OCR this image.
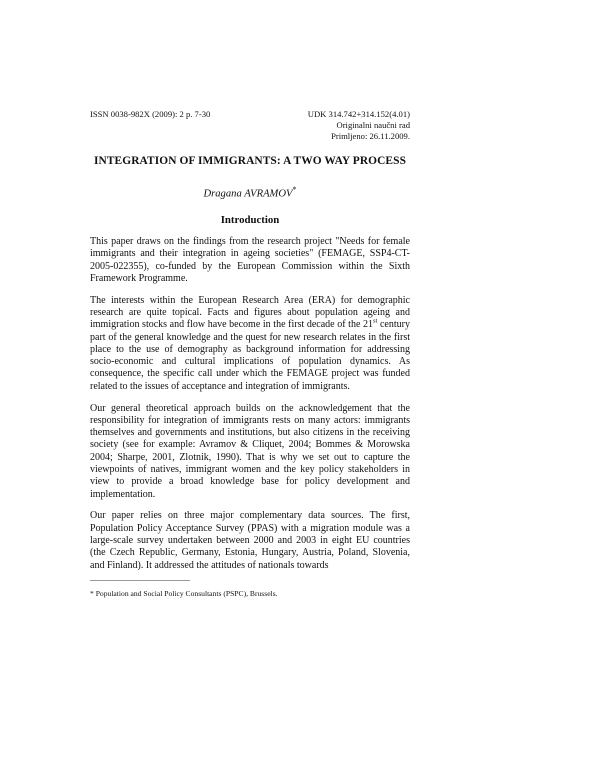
ISSN 0038-982X (2009): 2 p. 7-30	UDK 314.742+314.152(4.01)
Originalni naučni rad
Primljeno: 26.11.2009.
INTEGRATION OF IMMIGRANTS: A TWO WAY PROCESS
Dragana AVRAMOV*
Introduction

This paper draws on the findings from the research project "Needs for female immigrants and their integration in ageing societies" (FEMAGE, SSP4-CT-2005-022355), co-funded by the European Commission within the Sixth Framework Programme.

The interests within the European Research Area (ERA) for demographic research are quite topical. Facts and figures about population ageing and immigration stocks and flow have become in the first decade of the 21st century part of the general knowledge and the quest for new research relates in the first place to the use of demography as background information for addressing socio-economic and cultural implications of population dynamics. As consequence, the specific call under which the FEMAGE project was funded related to the issues of acceptance and integration of immigrants.

Our general theoretical approach builds on the acknowledgement that the responsibility for integration of immigrants rests on many actors: immigrants themselves and governments and institutions, but also citizens in the receiving society (see for example: Avramov & Cliquet, 2004; Bommes & Morowska 2004; Sharpe, 2001, Zlotnik, 1990). That is why we set out to capture the viewpoints of natives, immigrant women and the key policy stakeholders in view to provide a broad knowledge base for policy development and implementation.

Our paper relies on three major complementary data sources. The first, Population Policy Acceptance Survey (PPAS) with a migration module was a large-scale survey undertaken between 2000 and 2003 in eight EU countries (the Czech Republic, Germany, Estonia, Hungary, Austria, Poland, Slovenia, and Finland). It addressed the attitudes of nationals towards

* Population and Social Policy Consultants (PSPC), Brussels.
